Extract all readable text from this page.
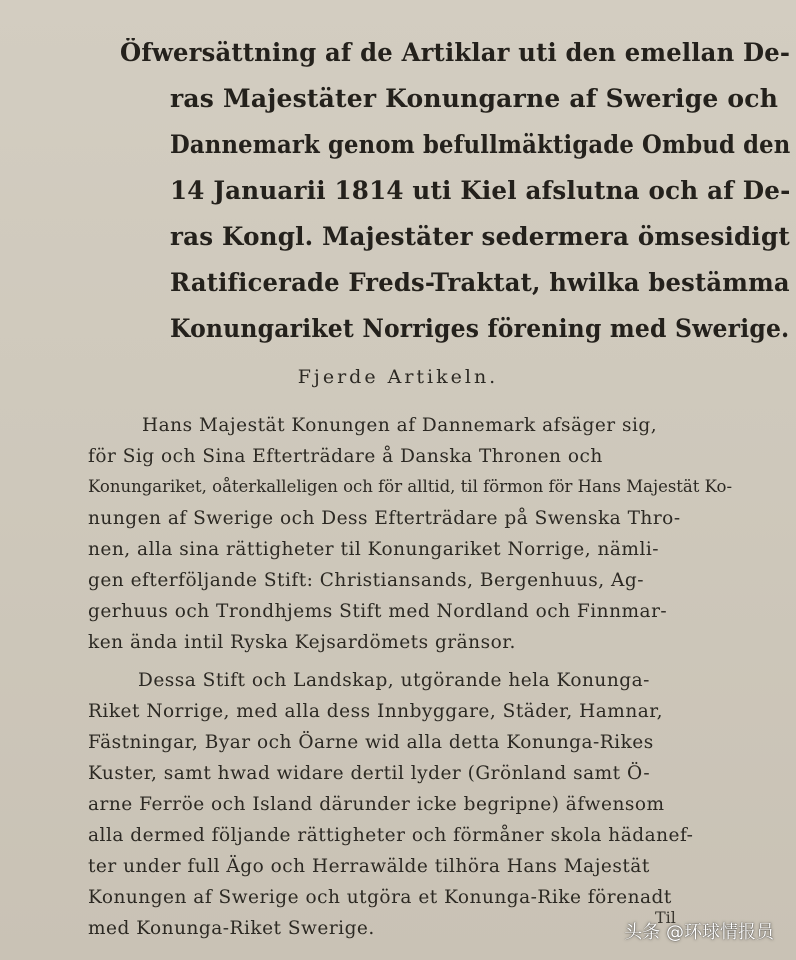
Öfwersättning af de Artiklar uti den emellan De-
ras Majestäter Konungarne af Swerige och
Dannemark genom befullmäktigade Ombud den
14 Januarii 1814 uti Kiel afslutna och af De-
ras Kongl. Majestäter sedermera ömsesidigt
Ratificerade Freds-Traktat, hwilka bestämma
Konungariket Norriges förening med Swerige.
Fjerde Artikeln.
Hans Majestät Konungen af Dannemark afsäger sig,
för Sig och Sina Efterträdare å Danska Thronen och
Konungariket, oåterkalleligen och för alltid, til förmon för Hans Majestät Ko-
nungen af Swerige och Dess Efterträdare på Swenska Thro-
nen, alla sina rättigheter til Konungariket Norrige, nämli-
gen efterföljande Stift: Christiansands, Bergenhuus, Ag-
gerhuus och Trondhjems Stift med Nordland och Finnmar-
ken ända intil Ryska Kejsardömets gränsor.
Dessa Stift och Landskap, utgörande hela Konunga-
Riket Norrige, med alla dess Innbyggare, Städer, Hamnar,
Fästningar, Byar och Öarne wid alla detta Konunga-Rikes
Kuster, samt hwad widare dertil lyder (Grönland samt Ö-
arne Ferröe och Island därunder icke begripne) äfwensom
alla dermed följande rättigheter och förmåner skola hädanef-
ter under full Ägo och Herrawälde tilhöra Hans Majestät
Konungen af Swerige och utgöra et Konunga-Rike förenadt
med Konunga-Riket Swerige.
Til
头条 @环球情报员
